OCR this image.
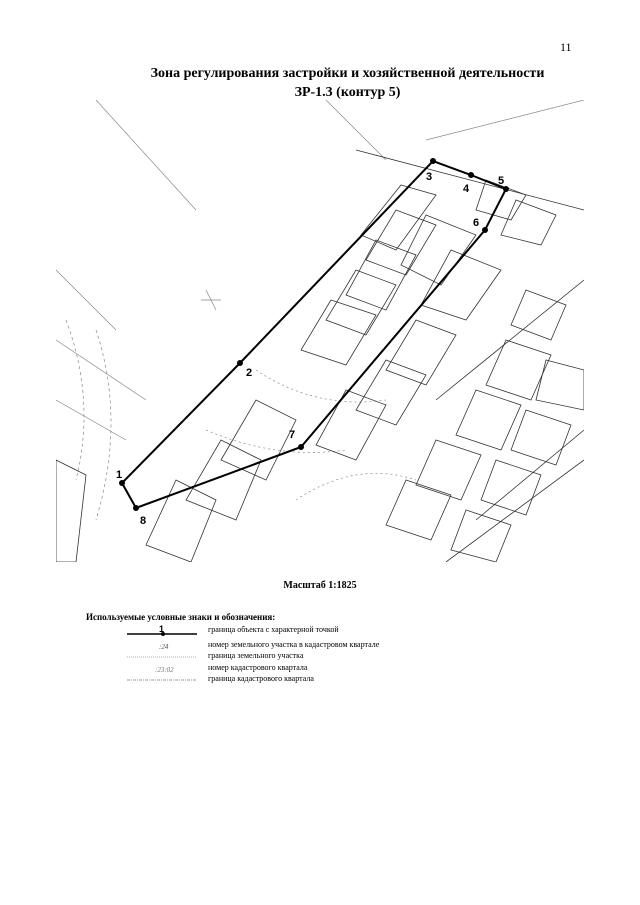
11
Зона регулирования застройки и хозяйственной деятельности
ЗР-1.3 (контур 5)
1
2
3
4
5
6
7
8
Масштаб 1:1825
Используемые условные знаки и обозначения:
1	граница объекта с характерной точкой
:24	номер земельного участка в кадастровом квартале
граница земельного участка
:23:02	номер кадастрового квартала
граница кадастрового квартала
